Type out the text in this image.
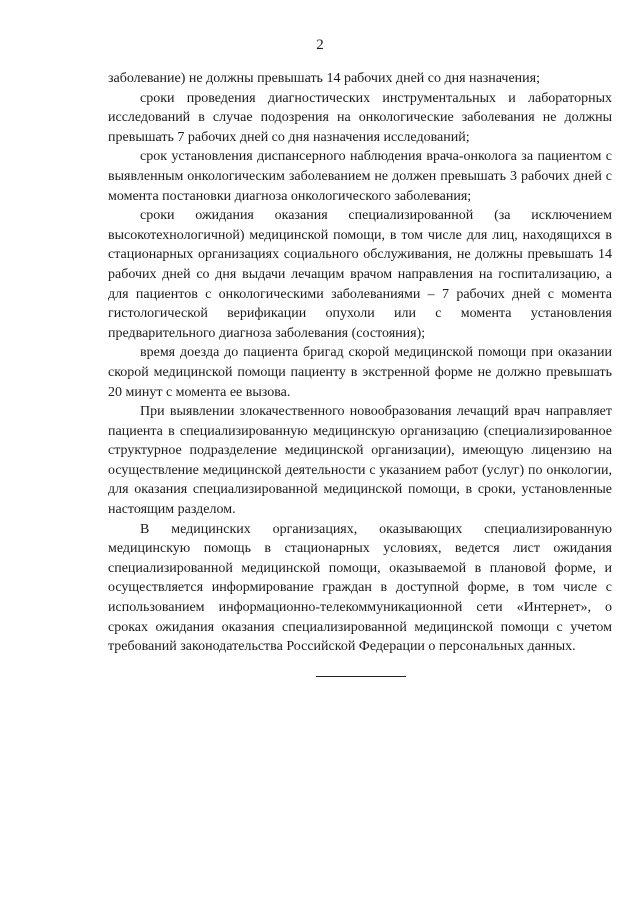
2

заболевание) не должны превышать 14 рабочих дней со дня назначения;

сроки проведения диагностических инструментальных и лабораторных исследований в случае подозрения на онкологические заболевания не должны превышать 7 рабочих дней со дня назначения исследований;

срок установления диспансерного наблюдения врача-онколога за пациентом с выявленным онкологическим заболеванием не должен превышать 3 рабочих дней с момента постановки диагноза онкологического заболевания;

сроки ожидания оказания специализированной (за исключением высокотехнологичной) медицинской помощи, в том числе для лиц, находящихся в стационарных организациях социального обслуживания, не должны превышать 14 рабочих дней со дня выдачи лечащим врачом направления на госпитализацию, а для пациентов с онкологическими заболеваниями – 7 рабочих дней с момента гистологической верификации опухоли или с момента установления предварительного диагноза заболевания (состояния);

время доезда до пациента бригад скорой медицинской помощи при оказании скорой медицинской помощи пациенту в экстренной форме не должно превышать 20 минут с момента ее вызова.

При выявлении злокачественного новообразования лечащий врач направляет пациента в специализированную медицинскую организацию (специализированное структурное подразделение медицинской организации), имеющую лицензию на осуществление медицинской деятельности с указанием работ (услуг) по онкологии, для оказания специализированной медицинской помощи, в сроки, установленные настоящим разделом.

В медицинских организациях, оказывающих специализированную медицинскую помощь в стационарных условиях, ведется лист ожидания специализированной медицинской помощи, оказываемой в плановой форме, и осуществляется информирование граждан в доступной форме, в том числе с использованием информационно-телекоммуникационной сети «Интернет», о сроках ожидания оказания специализированной медицинской помощи с учетом требований законодательства Российской Федерации о персональных данных.
